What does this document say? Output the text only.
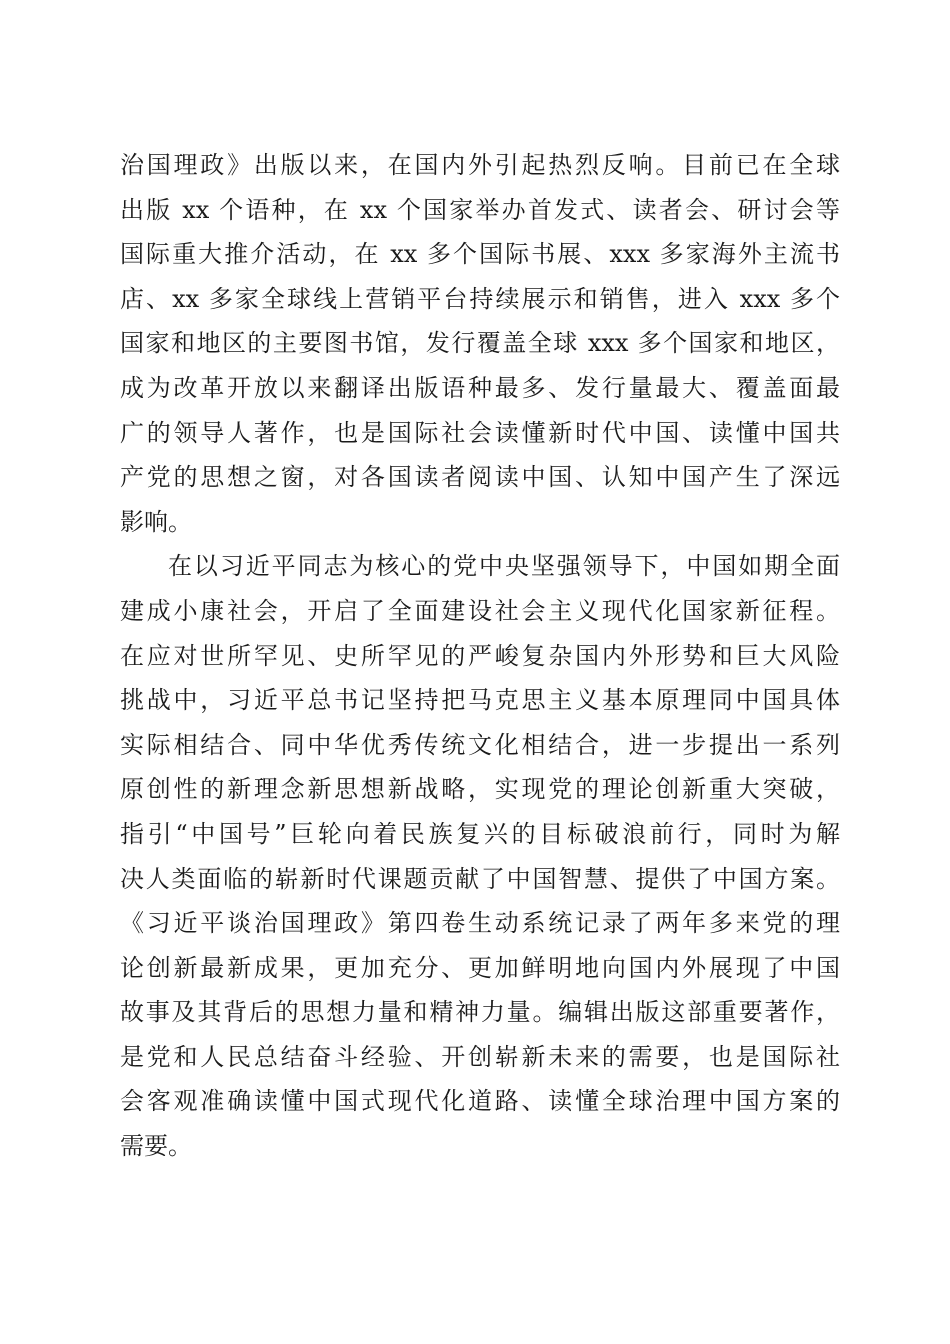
治国理政》出版以来，在国内外引起热烈反响。目前已在全球
出版 xx 个语种，在 xx 个国家举办首发式、读者会、研讨会等
国际重大推介活动，在 xx 多个国际书展、xxx 多家海外主流书
店、xx 多家全球线上营销平台持续展示和销售，进入 xxx 多个
国家和地区的主要图书馆，发行覆盖全球 xxx 多个国家和地区，
成为改革开放以来翻译出版语种最多、发行量最大、覆盖面最
广的领导人著作，也是国际社会读懂新时代中国、读懂中国共
产党的思想之窗，对各国读者阅读中国、认知中国产生了深远
影响。
在以习近平同志为核心的党中央坚强领导下，中国如期全面
建成小康社会，开启了全面建设社会主义现代化国家新征程。
在应对世所罕见、史所罕见的严峻复杂国内外形势和巨大风险
挑战中，习近平总书记坚持把马克思主义基本原理同中国具体
实际相结合、同中华优秀传统文化相结合，进一步提出一系列
原创性的新理念新思想新战略，实现党的理论创新重大突破，
指引“中国号”巨轮向着民族复兴的目标破浪前行，同时为解
决人类面临的崭新时代课题贡献了中国智慧、提供了中国方案。
《习近平谈治国理政》第四卷生动系统记录了两年多来党的理
论创新最新成果，更加充分、更加鲜明地向国内外展现了中国
故事及其背后的思想力量和精神力量。编辑出版这部重要著作，
是党和人民总结奋斗经验、开创崭新未来的需要，也是国际社
会客观准确读懂中国式现代化道路、读懂全球治理中国方案的
需要。
